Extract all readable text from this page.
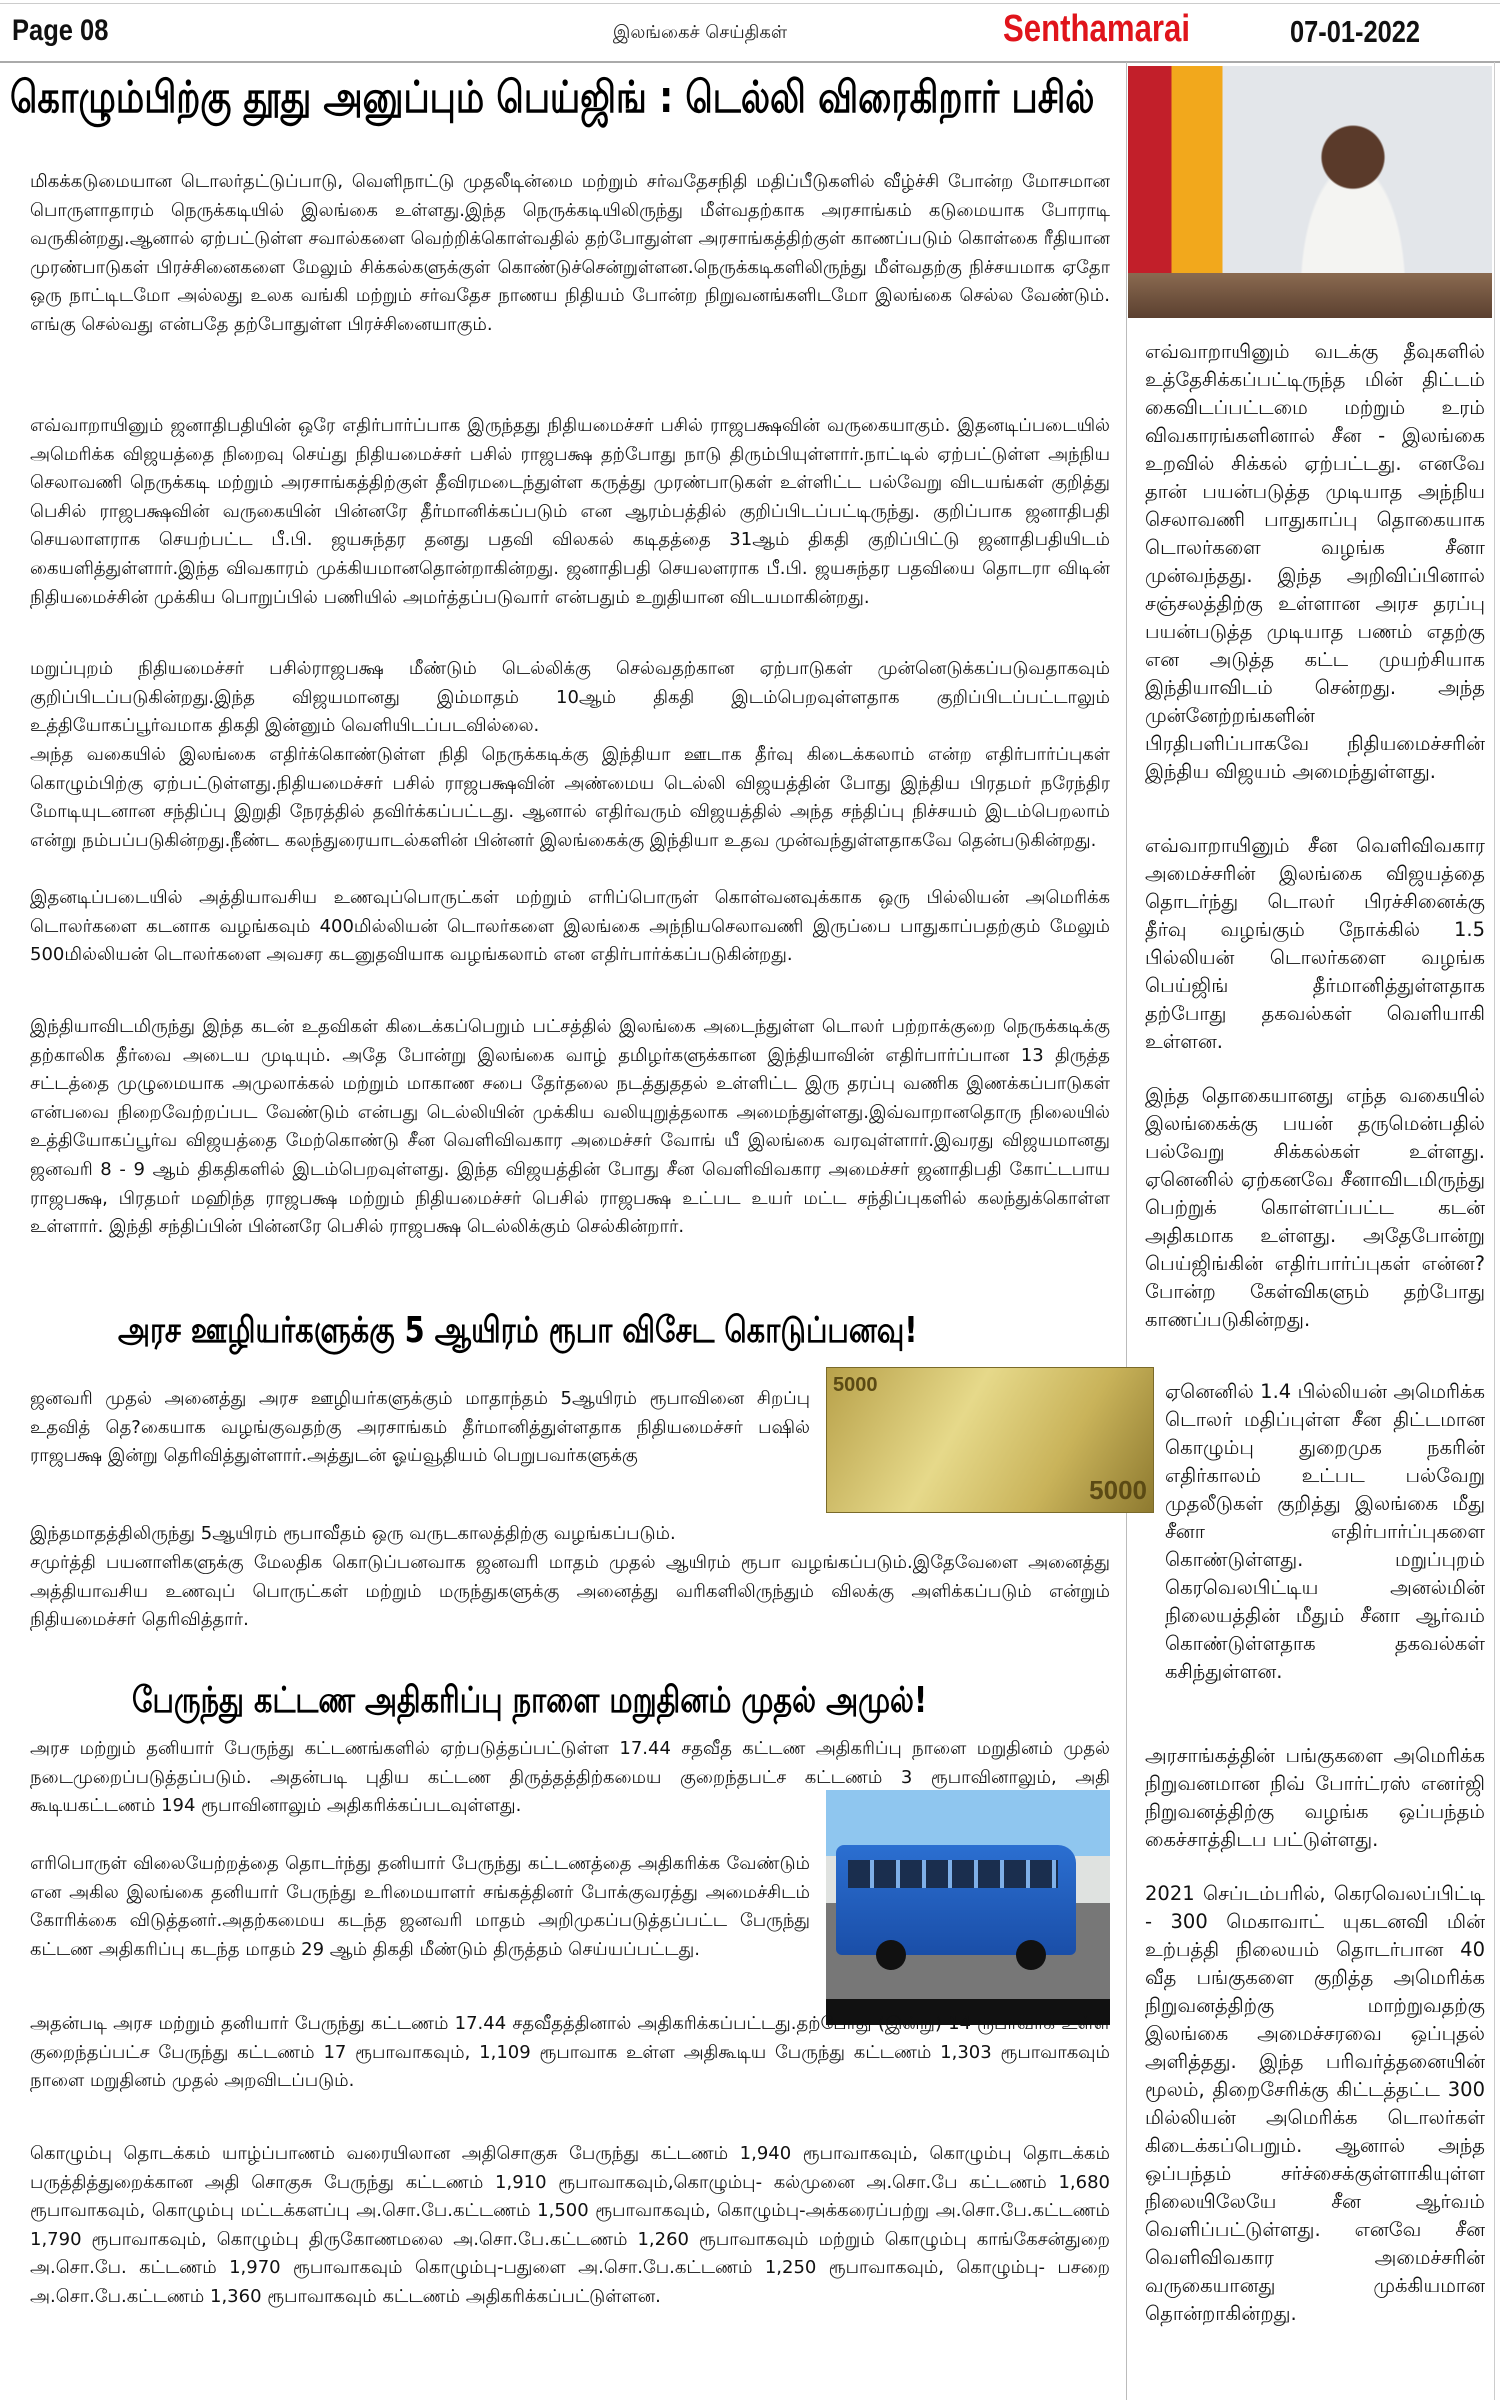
Page 08	இலங்கைச் செய்திகள்	Senthamarai	07-01-2022
கொழும்பிற்கு தூது அனுப்பும் பெய்ஜிங் : டெல்லி விரைகிறார் பசில்

மிகக்கடுமையான டொலர்தட்டுப்பாடு, வெளிநாட்டு முதலீடின்மை மற்றும் சர்வதேசநிதி மதிப்பீடுகளில் வீழ்ச்சி போன்ற மோசமான பொருளாதாரம் நெருக்கடியில் இலங்கை உள்ளது.இந்த நெருக்கடியிலிருந்து மீள்வதற்காக அரசாங்கம் கடுமையாக போராடி வருகின்றது.ஆனால் ஏற்பட்டுள்ள சவால்களை வெற்றிக்கொள்வதில் தற்போதுள்ள அரசாங்கத்திற்குள் காணப்படும் கொள்கை ரீதியான முரண்பாடுகள் பிரச்சினைகளை மேலும் சிக்கல்களுக்குள் கொண்டுச்சென்றுள்ளன.நெருக்கடிகளிலிருந்து மீள்வதற்கு நிச்சயமாக ஏதோ ஒரு நாட்டிடமோ அல்லது உலக வங்கி மற்றும் சர்வதேச நாணய நிதியம் போன்ற நிறுவனங்களிடமோ இலங்கை செல்ல வேண்டும். எங்கு செல்வது என்பதே தற்போதுள்ள பிரச்சினையாகும்.

எவ்வாறாயினும் ஜனாதிபதியின் ஒரே எதிர்பார்ப்பாக இருந்தது நிதியமைச்சர் பசில் ராஜபக்ஷவின் வருகையாகும். இதனடிப்படையில் அமெரிக்க விஜயத்தை நிறைவு செய்து நிதியமைச்சர் பசில் ராஜபக்ஷ தற்போது நாடு திரும்பியுள்ளார்.நாட்டில் ஏற்பட்டுள்ள அந்நிய செலாவணி நெருக்கடி மற்றும் அரசாங்கத்திற்குள் தீவிரமடைந்துள்ள கருத்து முரண்பாடுகள் உள்ளிட்ட பல்வேறு விடயங்கள் குறித்து பெசில் ராஜபக்ஷவின் வருகையின் பின்னரே தீர்மானிக்கப்படும் என ஆரம்பத்தில் குறிப்பிடப்பட்டிருந்து. குறிப்பாக ஜனாதிபதி செயலாளராக செயற்பட்ட பீ.பி. ஜயசுந்தர தனது பதவி விலகல் கடிதத்தை 31ஆம் திகதி குறிப்பிட்டு ஜனாதிபதியிடம் கையளித்துள்ளார்.இந்த விவகாரம் முக்கியமானதொன்றாகின்றது. ஜனாதிபதி செயலளராக பீ.பி. ஜயசுந்தர பதவியை தொடரா விடின் நிதியமைச்சின் முக்கிய பொறுப்பில் பணியில் அமர்த்தப்படுவார் என்பதும் உறுதியான விடயமாகின்றது.

மறுப்புறம் நிதியமைச்சர் பசில்ராஜபக்ஷ மீண்டும் டெல்லிக்கு செல்வதற்கான ஏற்பாடுகள் முன்னெடுக்கப்படுவதாகவும் குறிப்பிடப்படுகின்றது.இந்த விஜயமானது இம்மாதம் 10ஆம் திகதி இடம்பெறவுள்ளதாக குறிப்பிடப்பட்டாலும் உத்தியோகப்பூர்வமாக திகதி இன்னும் வெளியிடப்படவில்லை.

அந்த வகையில் இலங்கை எதிர்க்கொண்டுள்ள நிதி நெருக்கடிக்கு இந்தியா ஊடாக தீர்வு கிடைக்கலாம் என்ற எதிர்பார்ப்புகள் கொழும்பிற்கு ஏற்பட்டுள்ளது.நிதியமைச்சர் பசில் ராஜபக்ஷவின் அண்மைய டெல்லி விஜயத்தின் போது இந்திய பிரதமர் நரேந்திர மோடியுடனான சந்திப்பு இறுதி நேரத்தில் தவிர்க்கப்பட்டது. ஆனால் எதிர்வரும் விஜயத்தில் அந்த சந்திப்பு நிச்சயம் இடம்பெறலாம் என்று நம்பப்படுகின்றது.நீண்ட கலந்துரையாடல்களின் பின்னர் இலங்கைக்கு இந்தியா உதவ முன்வந்துள்ளதாகவே தென்படுகின்றது.

இதனடிப்படையில் அத்தியாவசிய உணவுப்பொருட்கள் மற்றும் எரிப்பொருள் கொள்வனவுக்காக ஒரு பில்லியன் அமெரிக்க டொலர்களை கடனாக வழங்கவும் 400மில்லியன் டொலர்களை இலங்கை அந்நியசெலாவணி இருப்பை பாதுகாப்பதற்கும் மேலும் 500மில்லியன் டொலர்களை அவசர கடனுதவியாக வழங்கலாம் என எதிர்பார்க்கப்படுகின்றது.

இந்தியாவிடமிருந்து இந்த கடன் உதவிகள் கிடைக்கப்பெறும் பட்சத்தில் இலங்கை அடைந்துள்ள டொலர் பற்றாக்குறை நெருக்கடிக்கு தற்காலிக தீர்வை அடைய முடியும். அதே போன்று இலங்கை வாழ் தமிழர்களுக்கான இந்தியாவின் எதிர்பார்ப்பான 13 திருத்த சட்டத்தை முழுமையாக அமுலாக்கல் மற்றும் மாகாண சபை தேர்தலை நடத்துததல் உள்ளிட்ட இரு தரப்பு வணிக இணக்கப்பாடுகள் என்பவை நிறைவேற்றப்பட வேண்டும் என்பது டெல்லியின் முக்கிய வலியுறுத்தலாக அமைந்துள்ளது.இவ்வாறானதொரு நிலையில் உத்தியோகப்பூர்வ விஜயத்தை மேற்கொண்டு சீன வெளிவிவகார அமைச்சர் வோங் யீ இலங்கை வரவுள்ளார்.இவரது விஜயமானது ஜனவரி 8 - 9 ஆம் திகதிகளில் இடம்பெறவுள்ளது. இந்த விஜயத்தின் போது சீன வெளிவிவகார அமைச்சர் ஜனாதிபதி கோட்டபாய ராஜபக்ஷ, பிரதமர் மஹிந்த ராஜபக்ஷ மற்றும் நிதியமைச்சர் பெசில் ராஜபக்ஷ உட்பட உயர் மட்ட சந்திப்புகளில் கலந்துக்கொள்ள உள்ளார். இந்தி சந்திப்பின் பின்னரே பெசில் ராஜபக்ஷ டெல்லிக்கும் செல்கின்றார்.

எவ்வாறாயினும் வடக்கு தீவுகளில் உத்தேசிக்கப்பட்டிருந்த மின் திட்டம் கைவிடப்பட்டமை மற்றும் உரம் விவகாரங்களினால் சீன - இலங்கை உறவில் சிக்கல் ஏற்பட்டது. எனவே தான் பயன்படுத்த முடியாத அந்நிய செலாவணி பாதுகாப்பு தொகையாக டொலர்களை வழங்க சீனா முன்வந்தது. இந்த அறிவிப்பினால் சஞ்சலத்திற்கு உள்ளான அரச தரப்பு பயன்படுத்த முடியாத பணம் எதற்கு என அடுத்த கட்ட முயற்சியாக இந்தியாவிடம் சென்றது. அந்த முன்னேற்றங்களின் பிரதிபளிப்பாகவே நிதியமைச்சரின் இந்திய விஜயம் அமைந்துள்ளது.

எவ்வாறாயினும் சீன வெளிவிவகார அமைச்சரின் இலங்கை விஜயத்தை தொடர்ந்து டொலர் பிரச்சினைக்கு தீர்வு வழங்கும் நோக்கில் 1.5 பில்லியன் டொலர்களை வழங்க பெய்ஜிங் தீர்மானித்துள்ளதாக தற்போது தகவல்கள் வெளியாகி உள்ளன.

இந்த தொகையானது எந்த வகையில் இலங்கைக்கு பயன் தருமென்பதில் பல்வேறு சிக்கல்கள் உள்ளது. ஏனெனில் ஏற்கனவே சீனாவிடமிருந்து பெற்றுக் கொள்ளப்பட்ட கடன் அதிகமாக உள்ளது. அதேபோன்று பெய்ஜிங்கின் எதிர்பார்ப்புகள் என்ன? போன்ற கேள்விகளும் தற்போது காணப்படுகின்றது.

ஏனெனில் 1.4 பில்லியன் அமெரிக்க டொலர் மதிப்புள்ள சீன திட்டமான கொழும்பு துறைமுக நகரின் எதிர்காலம் உட்பட பல்வேறு முதலீடுகள் குறித்து இலங்கை மீது சீனா எதிர்பார்ப்புகளை கொண்டுள்ளது. மறுப்புறம் கெரவெலபிட்டிய அனல்மின் நிலையத்தின் மீதும் சீனா ஆர்வம் கொண்டுள்ளதாக தகவல்கள் கசிந்துள்ளன.

அரசாங்கத்தின் பங்குகளை அமெரிக்க நிறுவனமான நிவ் போர்ட்ரஸ் எனர்ஜி நிறுவனத்திற்கு வழங்க ஒப்பந்தம் கைச்சாத்திடப பட்டுள்ளது.

2021 செப்டம்பரில், கெரவெலப்பிட்டி - 300 மெகாவாட் யுகடனவி மின் உற்பத்தி நிலையம் தொடர்பான 40 வீத பங்குகளை குறித்த அமெரிக்க நிறுவனத்திற்கு மாற்றுவதற்கு இலங்கை அமைச்சரவை ஒப்புதல் அளித்தது. இந்த பரிவர்த்தனையின் மூலம், திறைசேரிக்கு கிட்டத்தட்ட 300 மில்லியன் அமெரிக்க டொலர்கள் கிடைக்கப்பெறும். ஆனால் அந்த ஒப்பந்தம் சர்ச்சைக்குள்ளாகியுள்ள நிலையிலேயே சீன ஆர்வம் வெளிப்பட்டுள்ளது. எனவே சீன வெளிவிவகார அமைச்சரின் வருகையானது முக்கியமான தொன்றாகின்றது.

அரச ஊழியர்களுக்கு 5 ஆயிரம் ரூபா விசேட கொடுப்பனவு!
5000
5000

ஜனவரி முதல் அனைத்து அரச ஊழியர்களுக்கும் மாதாந்தம் 5ஆயிரம் ரூபாவினை சிறப்பு உதவித் தெ?கையாக வழங்குவதற்கு அரசாங்கம் தீர்மானித்துள்ளதாக நிதியமைச்சர் பஷில் ராஜபக்ஷ இன்று தெரிவித்துள்ளார்.அத்துடன் ஓய்வூதியம் பெறுபவர்களுக்கு

இந்தமாதத்திலிருந்து 5ஆயிரம் ரூபாவீதம் ஒரு வருடகாலத்திற்கு வழங்கப்படும்.

சமுர்த்தி பயனாளிகளுக்கு மேலதிக கொடுப்பனவாக ஜனவரி மாதம் முதல் ஆயிரம் ரூபா வழங்கப்படும்.இதேவேளை அனைத்து அத்தியாவசிய உணவுப் பொருட்கள் மற்றும் மருந்துகளுக்கு அனைத்து வரிகளிலிருந்தும் விலக்கு அளிக்கப்படும் என்றும் நிதியமைச்சர் தெரிவித்தார்.

பேருந்து கட்டண அதிகரிப்பு நாளை மறுதினம் முதல் அமுல்!

அரச மற்றும் தனியார் பேருந்து கட்டணங்களில் ஏற்படுத்தப்பட்டுள்ள 17.44 சதவீத கட்டண அதிகரிப்பு நாளை மறுதினம் முதல் நடைமுறைப்படுத்தப்படும். அதன்படி புதிய கட்டண திருத்தத்திற்கமைய குறைந்தபட்ச கட்டணம் 3 ரூபாவினாலும், அதி கூடியகட்டணம் 194 ரூபாவினாலும் அதிகரிக்கப்படவுள்ளது.

எரிபொருள் விலையேற்றத்தை தொடர்ந்து தனியார் பேருந்து கட்டணத்தை அதிகரிக்க வேண்டும் என அகில இலங்கை தனியார் பேருந்து உரிமையாளர் சங்கத்தினர் போக்குவரத்து அமைச்சிடம் கோரிக்கை விடுத்தனர்.அதற்கமைய கடந்த ஜனவரி மாதம் அறிமுகப்படுத்தப்பட்ட பேருந்து கட்டண அதிகரிப்பு கடந்த மாதம் 29 ஆம் திகதி மீண்டும் திருத்தம் செய்யப்பட்டது.

அதன்படி அரச மற்றும் தனியார் பேருந்து கட்டணம் 17.44 சதவீதத்தினால் அதிகரிக்கப்பட்டது.தற்போது (இன்று) 14 ரூபாவாக உள்ள குறைந்தப்பட்ச பேருந்து கட்டணம் 17 ரூபாவாகவும், 1,109 ரூபாவாக உள்ள அதிகூடிய பேருந்து கட்டணம் 1,303 ரூபாவாகவும் நாளை மறுதினம் முதல் அறவிடப்படும்.

கொழும்பு தொடக்கம் யாழ்ப்பாணம் வரையிலான அதிசொகுசு பேருந்து கட்டணம் 1,940 ரூபாவாகவும், கொழும்பு தொடக்கம் பருத்தித்துறைக்கான அதி சொகுசு பேருந்து கட்டணம் 1,910 ரூபாவாகவும்,கொழும்பு- கல்முனை அ.சொ.பே கட்டணம் 1,680 ரூபாவாகவும், கொழும்பு மட்டக்களப்பு அ.சொ.பே.கட்டணம் 1,500 ரூபாவாகவும், கொழும்பு-அக்கரைப்பற்று அ.சொ.பே.கட்டணம் 1,790 ரூபாவாகவும், கொழும்பு திருகோணமலை அ.சொ.பே.கட்டணம் 1,260 ரூபாவாகவும் மற்றும் கொழும்பு காங்கேசன்துறை அ.சொ.பே. கட்டணம் 1,970 ரூபாவாகவும் கொழும்பு-பதுளை அ.சொ.பே.கட்டணம் 1,250 ரூபாவாகவும், கொழும்பு- பசறை அ.சொ.பே.கட்டணம் 1,360 ரூபாவாகவும் கட்டணம் அதிகரிக்கப்பட்டுள்ளன.
